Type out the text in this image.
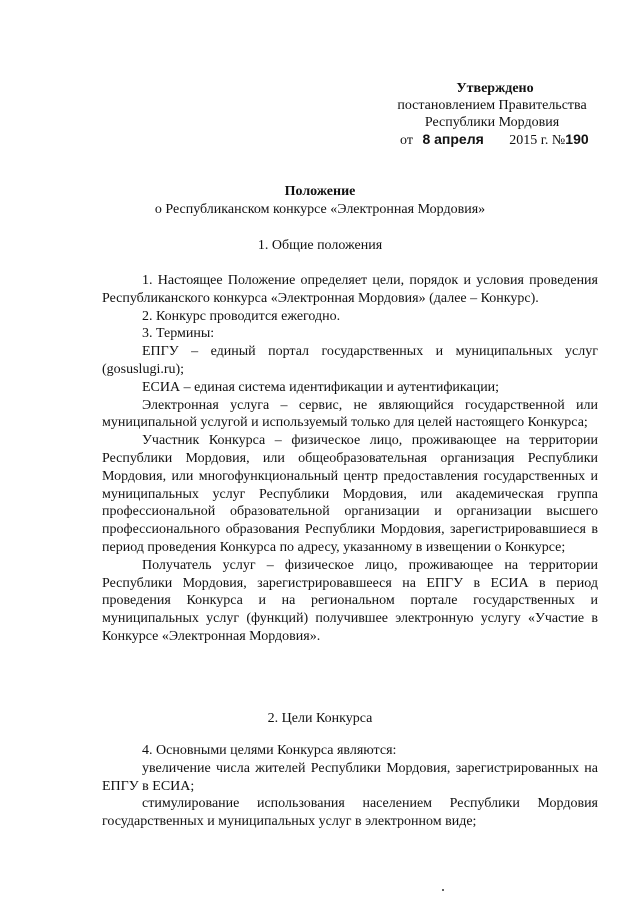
Утверждено
постановлением Правительства
Республики Мордовия
от 8 апреля 2015 г. №190
Положение
о Республиканском конкурсе «Электронная Мордовия»
1. Общие положения

1. Настоящее Положение определяет цели, порядок и условия проведения Республиканского конкурса «Электронная Мордовия» (далее – Конкурс).

2. Конкурс проводится ежегодно.

3. Термины:

ЕПГУ – единый портал государственных и муниципальных услуг (gosuslugi.ru);

ЕСИА – единая система идентификации и аутентификации;

Электронная услуга – сервис, не являющийся государственной или муниципальной услугой и используемый только для целей настоящего Конкурса;

Участник Конкурса – физическое лицо, проживающее на территории Республики Мордовия, или общеобразовательная организация Республики Мордовия, или многофункциональный центр предоставления государственных и муниципальных услуг Республики Мордовия, или академическая группа профессиональной образовательной организации и организации высшего профессионального образования Республики Мордовия, зарегистрировавшиеся в период проведения Конкурса по адресу, указанному в извещении о Конкурсе;

Получатель услуг – физическое лицо, проживающее на территории Республики Мордовия, зарегистрировавшееся на ЕПГУ в ЕСИА в период проведения Конкурса и на региональном портале государственных и муниципальных услуг (функций) получившее электронную услугу «Участие в Конкурсе «Электронная Мордовия».

2. Цели Конкурса

4. Основными целями Конкурса являются:

увеличение числа жителей Республики Мордовия, зарегистрированных на ЕПГУ в ЕСИА;

стимулирование использования населением Республики Мордовия государственных и муниципальных услуг в электронном виде;
